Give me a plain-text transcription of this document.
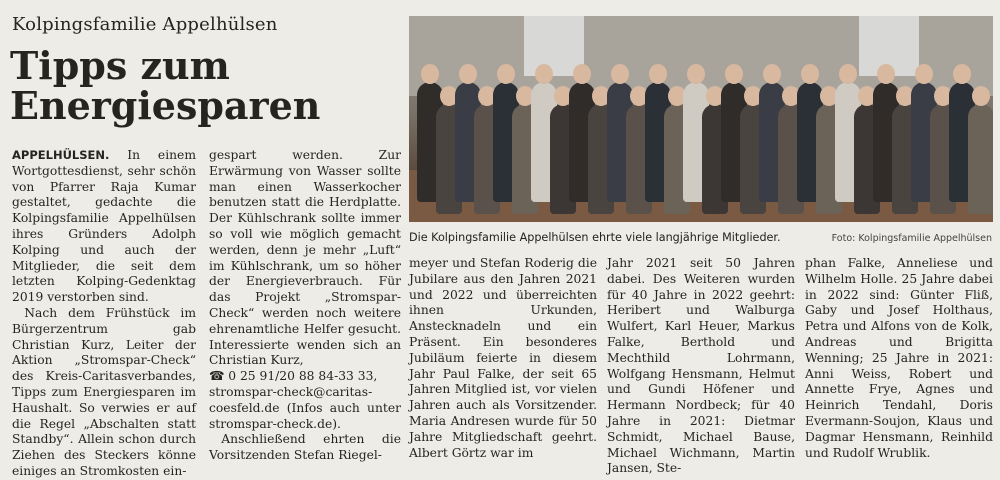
Kolpingsfamilie Appelhülsen
Tipps zum
Energiesparen

APPELHÜLSEN. In einem Wortgottesdienst, sehr schön von Pfarrer Raja Kumar gestaltet, gedachte die Kolpingsfamilie Appelhülsen ihres Gründers Adolph Kolping und auch der Mitglieder, die seit dem letzten Kolping-Gedenktag 2019 verstorben sind.

Nach dem Frühstück im Bürgerzentrum gab Christian Kurz, Leiter der Aktion „Stromspar-Check“ des Kreis-Caritasverbandes, Tipps zum Energiesparen im Haushalt. So verwies er auf die Regel „Abschalten statt Standby“. Allein schon durch Ziehen des Steckers könne einiges an Stromkosten ein-

gespart werden. Zur Erwärmung von Wasser sollte man einen Wasserkocher benutzen statt die Herdplatte. Der Kühlschrank sollte immer so voll wie möglich gemacht werden, denn je mehr „Luft“ im Kühlschrank, um so höher der Energieverbrauch. Für das Projekt „Stromspar-Check“ werden noch weitere ehrenamtliche Helfer gesucht. Interessierte wenden sich an Christian Kurz,

☎ 0 25 91/20 88 84-33 33,

stromspar-check@caritas-coesfeld.de (Infos auch unter stromspar-check.de).

Anschließend ehrten die Vorsitzenden Stefan Riegel-

Die Kolpingsfamilie Appelhülsen ehrte viele langjährige Mitglieder.	Foto: Kolpingsfamilie Appelhülsen

meyer und Stefan Roderig die Jubilare aus den Jahren 2021 und 2022 und überreichten ihnen Urkunden, Anstecknadeln und ein Präsent. Ein besonderes Jubiläum feierte in diesem Jahr Paul Falke, der seit 65 Jahren Mitglied ist, vor vielen Jahren auch als Vorsitzender. Maria Andresen wurde für 50 Jahre Mitgliedschaft geehrt. Albert Görtz war im

Jahr 2021 seit 50 Jahren dabei. Des Weiteren wurden für 40 Jahre in 2022 geehrt: Heribert und Walburga Wulfert, Karl Heuer, Markus Falke, Berthold und Mechthild Lohrmann, Wolfgang Hensmann, Helmut und Gundi Höfener und Hermann Nordbeck; für 40 Jahre in 2021: Dietmar Schmidt, Michael Bause, Michael Wichmann, Martin Jansen, Ste-

phan Falke, Anneliese und Wilhelm Holle. 25 Jahre dabei in 2022 sind: Günter Fliß, Gaby und Josef Holthaus, Petra und Alfons von de Kolk, Andreas und Brigitta Wenning; 25 Jahre in 2021: Anni Weiss, Robert und Annette Frye, Agnes und Heinrich Tendahl, Doris Evermann-Soujon, Klaus und Dagmar Hensmann, Reinhild und Rudolf Wrublik.
